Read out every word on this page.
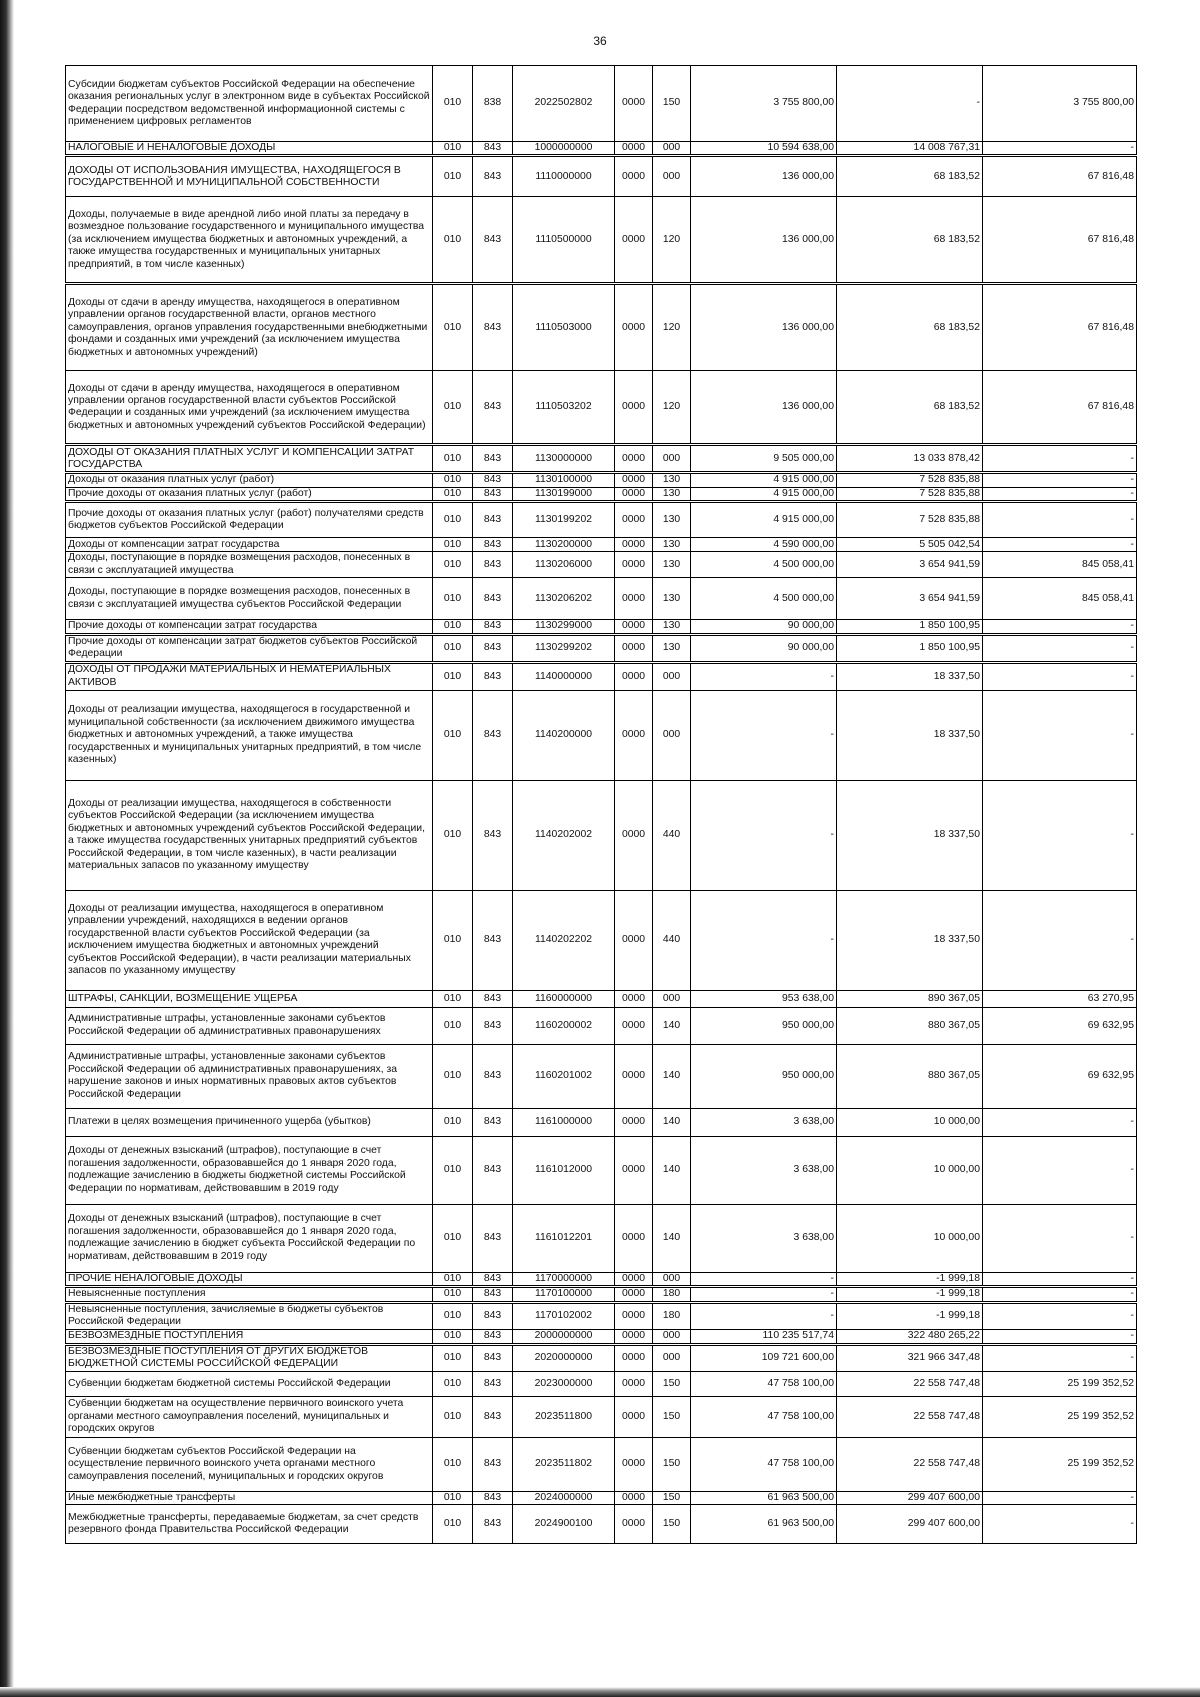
36
Субсидии бюджетам субъектов Российской Федерации на обеспечение оказания региональных услуг в электронном виде в субъектах Российской Федерации посредством ведомственной информационной системы с применением цифровых регламентов	010	838	2022502802	0000	150	3 755 800,00	-	3 755 800,00
НАЛОГОВЫЕ И НЕНАЛОГОВЫЕ ДОХОДЫ	010	843	1000000000	0000	000	10 594 638,00	14 008 767,31	-
ДОХОДЫ ОТ ИСПОЛЬЗОВАНИЯ ИМУЩЕСТВА, НАХОДЯЩЕГОСЯ В ГОСУДАРСТВЕННОЙ И МУНИЦИПАЛЬНОЙ СОБСТВЕННОСТИ	010	843	1110000000	0000	000	136 000,00	68 183,52	67 816,48
Доходы, получаемые в виде арендной либо иной платы за передачу в возмездное пользование государственного и муниципального имущества (за исключением имущества бюджетных и автономных учреждений, а также имущества государственных и муниципальных унитарных предприятий, в том числе казенных)	010	843	1110500000	0000	120	136 000,00	68 183,52	67 816,48
Доходы от сдачи в аренду имущества, находящегося в оперативном управлении органов государственной власти, органов местного самоуправления, органов управления государственными внебюджетными фондами и созданных ими учреждений (за исключением имущества бюджетных и автономных учреждений)	010	843	1110503000	0000	120	136 000,00	68 183,52	67 816,48
Доходы от сдачи в аренду имущества, находящегося в оперативном управлении органов государственной власти субъектов Российской Федерации и созданных ими учреждений (за исключением имущества бюджетных и автономных учреждений субъектов Российской Федерации)	010	843	1110503202	0000	120	136 000,00	68 183,52	67 816,48
ДОХОДЫ ОТ ОКАЗАНИЯ ПЛАТНЫХ УСЛУГ И КОМПЕНСАЦИИ ЗАТРАТ ГОСУДАРСТВА	010	843	1130000000	0000	000	9 505 000,00	13 033 878,42	-
Доходы от оказания платных услуг (работ)	010	843	1130100000	0000	130	4 915 000,00	7 528 835,88	-
Прочие доходы от оказания платных услуг (работ)	010	843	1130199000	0000	130	4 915 000,00	7 528 835,88	-
Прочие доходы от оказания платных услуг (работ) получателями средств бюджетов субъектов Российской Федерации	010	843	1130199202	0000	130	4 915 000,00	7 528 835,88	-
Доходы от компенсации затрат государства	010	843	1130200000	0000	130	4 590 000,00	5 505 042,54	-
Доходы, поступающие в порядке возмещения расходов, понесенных в связи с эксплуатацией имущества	010	843	1130206000	0000	130	4 500 000,00	3 654 941,59	845 058,41
Доходы, поступающие в порядке возмещения расходов, понесенных в связи с эксплуатацией имущества субъектов Российской Федерации	010	843	1130206202	0000	130	4 500 000,00	3 654 941,59	845 058,41
Прочие доходы от компенсации затрат государства	010	843	1130299000	0000	130	90 000,00	1 850 100,95	-
Прочие доходы от компенсации затрат бюджетов субъектов Российской Федерации	010	843	1130299202	0000	130	90 000,00	1 850 100,95	-
ДОХОДЫ ОТ ПРОДАЖИ МАТЕРИАЛЬНЫХ И НЕМАТЕРИАЛЬНЫХ АКТИВОВ	010	843	1140000000	0000	000	-	18 337,50	-
Доходы от реализации имущества, находящегося в государственной и муниципальной собственности (за исключением движимого имущества бюджетных и автономных учреждений, а также имущества государственных и муниципальных унитарных предприятий, в том числе казенных)	010	843	1140200000	0000	000	-	18 337,50	-
Доходы от реализации имущества, находящегося в собственности субъектов Российской Федерации (за исключением имущества бюджетных и автономных учреждений субъектов Российской Федерации, а также имущества государственных унитарных предприятий субъектов Российской Федерации, в том числе казенных), в части реализации материальных запасов по указанному имуществу	010	843	1140202002	0000	440	-	18 337,50	-
Доходы от реализации имущества, находящегося в оперативном управлении учреждений, находящихся в ведении органов государственной власти субъектов Российской Федерации (за исключением имущества бюджетных и автономных учреждений субъектов Российской Федерации), в части реализации материальных запасов по указанному имуществу	010	843	1140202202	0000	440	-	18 337,50	-
ШТРАФЫ, САНКЦИИ, ВОЗМЕЩЕНИЕ УЩЕРБА	010	843	1160000000	0000	000	953 638,00	890 367,05	63 270,95
Административные штрафы, установленные законами субъектов Российской Федерации об административных правонарушениях	010	843	1160200002	0000	140	950 000,00	880 367,05	69 632,95
Административные штрафы, установленные законами субъектов Российской Федерации об административных правонарушениях, за нарушение законов и иных нормативных правовых актов субъектов Российской Федерации	010	843	1160201002	0000	140	950 000,00	880 367,05	69 632,95
Платежи в целях возмещения причиненного ущерба (убытков)	010	843	1161000000	0000	140	3 638,00	10 000,00	-
Доходы от денежных взысканий (штрафов), поступающие в счет погашения задолженности, образовавшейся до 1 января 2020 года, подлежащие зачислению в бюджеты бюджетной системы Российской Федерации по нормативам, действовавшим в 2019 году	010	843	1161012000	0000	140	3 638,00	10 000,00	-
Доходы от денежных взысканий (штрафов), поступающие в счет погашения задолженности, образовавшейся до 1 января 2020 года, подлежащие зачислению в бюджет субъекта Российской Федерации по нормативам, действовавшим в 2019 году	010	843	1161012201	0000	140	3 638,00	10 000,00	-
ПРОЧИЕ НЕНАЛОГОВЫЕ ДОХОДЫ	010	843	1170000000	0000	000	-	-1 999,18	-
Невыясненные поступления	010	843	1170100000	0000	180	-	-1 999,18	-
Невыясненные поступления, зачисляемые в бюджеты субъектов Российской Федерации	010	843	1170102002	0000	180	-	-1 999,18	-
БЕЗВОЗМЕЗДНЫЕ ПОСТУПЛЕНИЯ	010	843	2000000000	0000	000	110 235 517,74	322 480 265,22	-
БЕЗВОЗМЕЗДНЫЕ ПОСТУПЛЕНИЯ ОТ ДРУГИХ БЮДЖЕТОВ БЮДЖЕТНОЙ СИСТЕМЫ РОССИЙСКОЙ ФЕДЕРАЦИИ	010	843	2020000000	0000	000	109 721 600,00	321 966 347,48	-
Субвенции бюджетам бюджетной системы Российской Федерации	010	843	2023000000	0000	150	47 758 100,00	22 558 747,48	25 199 352,52
Субвенции бюджетам на осуществление первичного воинского учета органами местного самоуправления поселений, муниципальных и городских округов	010	843	2023511800	0000	150	47 758 100,00	22 558 747,48	25 199 352,52
Субвенции бюджетам субъектов Российской Федерации на осуществление первичного воинского учета органами местного самоуправления поселений, муниципальных и городских округов	010	843	2023511802	0000	150	47 758 100,00	22 558 747,48	25 199 352,52
Иные межбюджетные трансферты	010	843	2024000000	0000	150	61 963 500,00	299 407 600,00	-
Межбюджетные трансферты, передаваемые бюджетам, за счет средств резервного фонда Правительства Российской Федерации	010	843	2024900100	0000	150	61 963 500,00	299 407 600,00	-
